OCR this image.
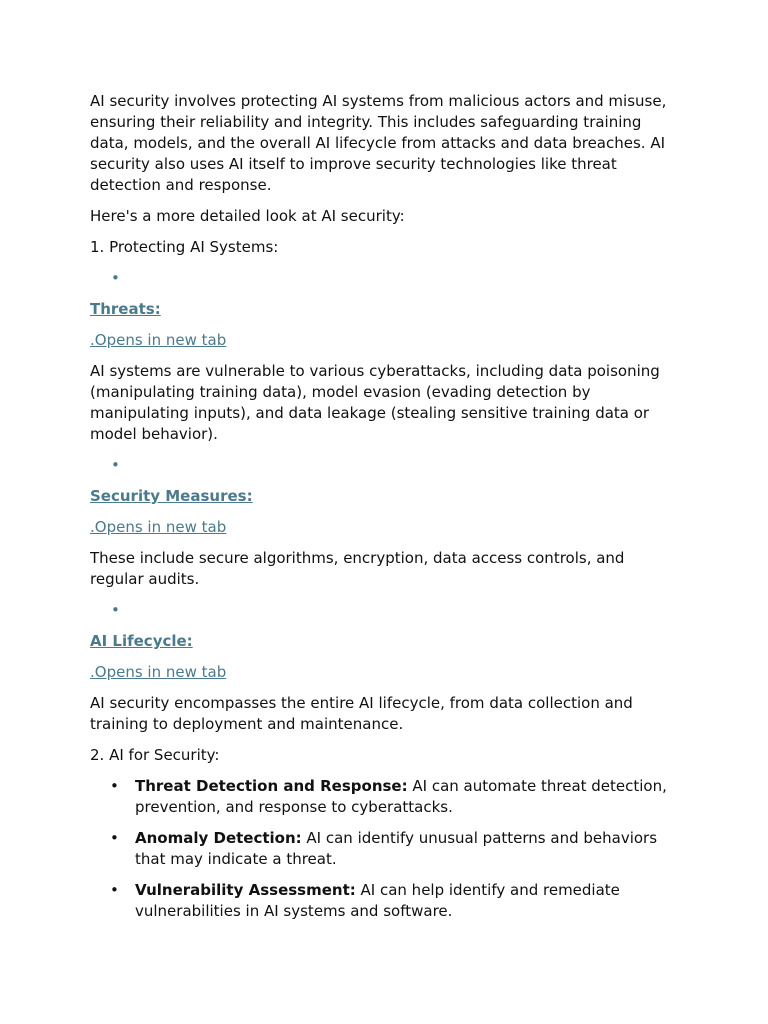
AI security involves protecting AI systems from malicious actors and misuse, ensuring their reliability and integrity. This includes safeguarding training data, models, and the overall AI lifecycle from attacks and data breaches. AI security also uses AI itself to improve security technologies like threat detection and response.

Here's a more detailed look at AI security:

1. Protecting AI Systems:

•

Threats:

.Opens in new tab

AI systems are vulnerable to various cyberattacks, including data poisoning (manipulating training data), model evasion (evading detection by manipulating inputs), and data leakage (stealing sensitive training data or model behavior).

•

Security Measures:

.Opens in new tab

These include secure algorithms, encryption, data access controls, and regular audits.

•

AI Lifecycle:

.Opens in new tab

AI security encompasses the entire AI lifecycle, from data collection and training to deployment and maintenance.

2. AI for Security:

• Threat Detection and Response: AI can automate threat detection, prevention, and response to cyberattacks.
• Anomaly Detection: AI can identify unusual patterns and behaviors that may indicate a threat.
• Vulnerability Assessment: AI can help identify and remediate vulnerabilities in AI systems and software.
